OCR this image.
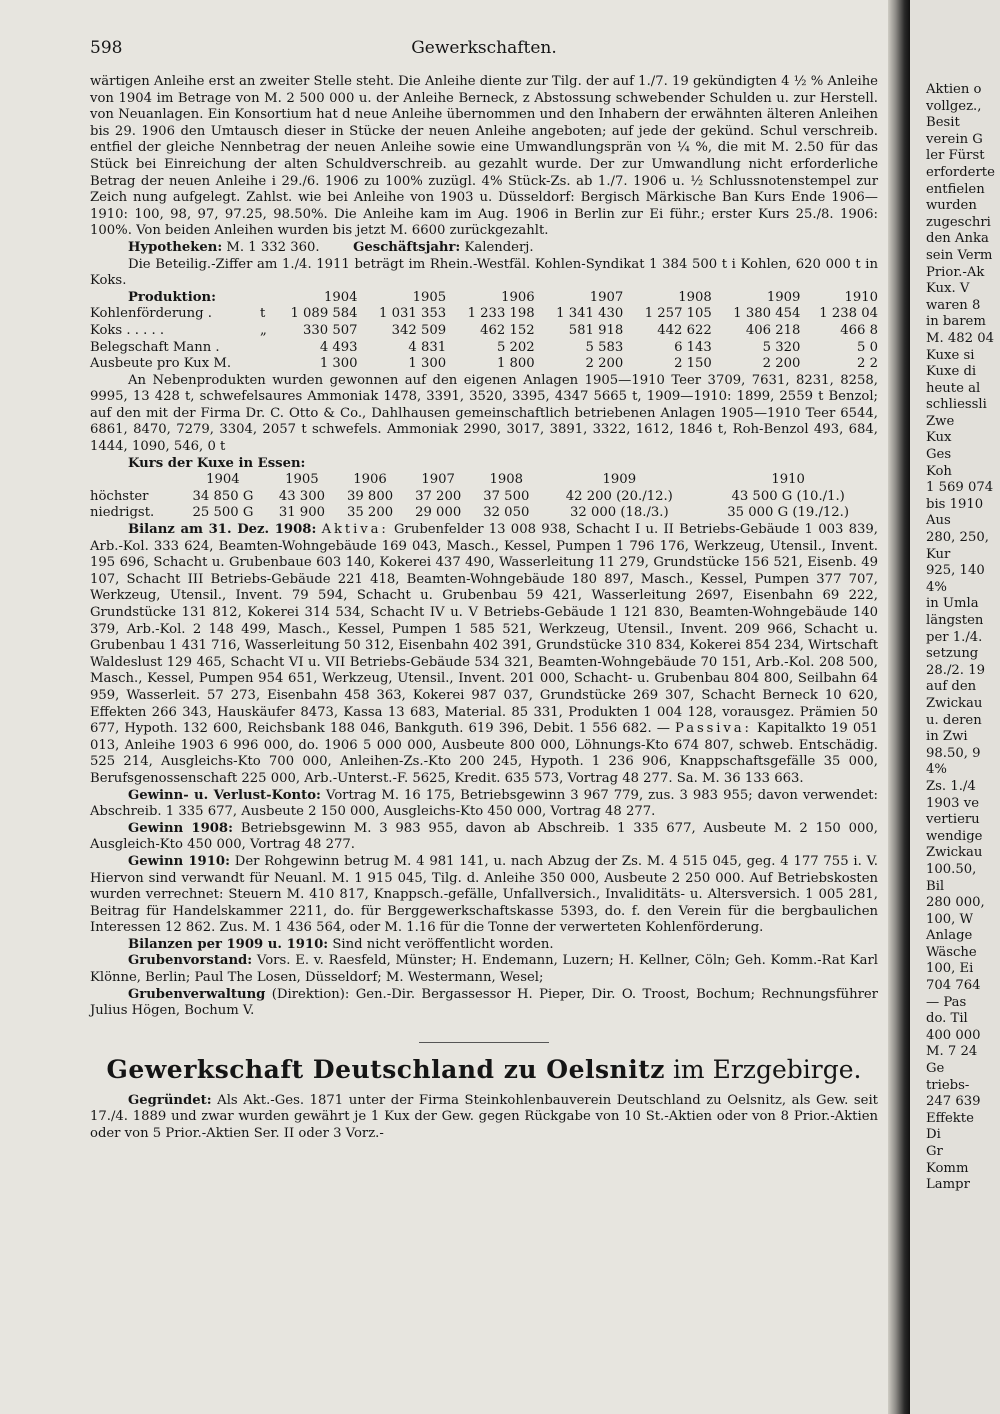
598	Gewerkschaften.

wärtigen Anleihe erst an zweiter Stelle steht. Die Anleihe diente zur Tilg. der auf 1./7. 19 gekündigten 4 ½ % Anleihe von 1904 im Betrage von M. 2 500 000 u. der Anleihe Berneck, z Abstossung schwebender Schulden u. zur Herstell. von Neuanlagen. Ein Konsortium hat d neue Anleihe übernommen und den Inhabern der erwähnten älteren Anleihen bis 29. 1906 den Umtausch dieser in Stücke der neuen Anleihe angeboten; auf jede der gekünd. Schul verschreib. entfiel der gleiche Nennbetrag der neuen Anleihe sowie eine Umwandlungsprän von ¼ %, die mit M. 2.50 für das Stück bei Einreichung der alten Schuldverschreib. au gezahlt wurde. Der zur Umwandlung nicht erforderliche Betrag der neuen Anleihe i 29./6. 1906 zu 100% zuzügl. 4% Stück-Zs. ab 1./7. 1906 u. ½ Schlussnotenstempel zur Zeich nung aufgelegt. Zahlst. wie bei Anleihe von 1903 u. Düsseldorf: Bergisch Märkische Ban Kurs Ende 1906—1910: 100, 98, 97, 97.25, 98.50%. Die Anleihe kam im Aug. 1906 in Berlin zur Ei führ.; erster Kurs 25./8. 1906: 100%. Von beiden Anleihen wurden bis jetzt M. 6600 zurückgezahlt.

Hypotheken: M. 1 332 360.	Geschäftsjahr: Kalenderj.

Die Beteilig.-Ziffer am 1./4. 1911 beträgt im Rhein.-Westfäl. Kohlen-Syndikat 1 384 500 t i Kohlen, 620 000 t in Koks.

Produktion:		1904	1905	1906	1907	1908	1909	1910
Kohlenförderung .	t	1 089 584	1 031 353	1 233 198	1 341 430	1 257 105	1 380 454	1 238 04
Koks . . . . .	„	330 507	342 509	462 152	581 918	442 622	406 218	466 8
Belegschaft Mann .		4 493	4 831	5 202	5 583	6 143	5 320	5 0
Ausbeute pro Kux M.		1 300	1 300	1 800	2 200	2 150	2 200	2 2

An Nebenprodukten wurden gewonnen auf den eigenen Anlagen 1905—1910 Teer 3709, 7631, 8231, 8258, 9995, 13 428 t, schwefelsaures Ammoniak 1478, 3391, 3520, 3395, 4347 5665 t, 1909—1910: 1899, 2559 t Benzol; auf den mit der Firma Dr. C. Otto & Co., Dahlhausen gemeinschaftlich betriebenen Anlagen 1905—1910 Teer 6544, 6861, 8470, 7279, 3304, 2057 t schwefels. Ammoniak 2990, 3017, 3891, 3322, 1612, 1846 t, Roh-Benzol 493, 684, 1444, 1090, 546, 0 t

Kurs der Kuxe in Essen:

	1904	1905	1906	1907	1908	1909	1910
höchster	34 850 G	43 300	39 800	37 200	37 500	42 200 (20./12.)	43 500 G (10./1.)
niedrigst.	25 500 G	31 900	35 200	29 000	32 050	32 000 (18./3.)	35 000 G (19./12.)

Bilanz am 31. Dez. 1908: Aktiva: Grubenfelder 13 008 938, Schacht I u. II Betriebs-Gebäude 1 003 839, Arb.-Kol. 333 624, Beamten-Wohngebäude 169 043, Masch., Kessel, Pumpen 1 796 176, Werkzeug, Utensil., Invent. 195 696, Schacht u. Grubenbaue 603 140, Kokerei 437 490, Wasserleitung 11 279, Grundstücke 156 521, Eisenb. 49 107, Schacht III Betriebs-Gebäude 221 418, Beamten-Wohngebäude 180 897, Masch., Kessel, Pumpen 377 707, Werkzeug, Utensil., Invent. 79 594, Schacht u. Grubenbau 59 421, Wasserleitung 2697, Eisenbahn 69 222, Grundstücke 131 812, Kokerei 314 534, Schacht IV u. V Betriebs-Gebäude 1 121 830, Beamten-Wohngebäude 140 379, Arb.-Kol. 2 148 499, Masch., Kessel, Pumpen 1 585 521, Werkzeug, Utensil., Invent. 209 966, Schacht u. Grubenbau 1 431 716, Wasserleitung 50 312, Eisenbahn 402 391, Grundstücke 310 834, Kokerei 854 234, Wirtschaft Waldeslust 129 465, Schacht VI u. VII Betriebs-Gebäude 534 321, Beamten-Wohngebäude 70 151, Arb.-Kol. 208 500, Masch., Kessel, Pumpen 954 651, Werkzeug, Utensil., Invent. 201 000, Schacht- u. Grubenbau 804 800, Seilbahn 64 959, Wasserleit. 57 273, Eisenbahn 458 363, Kokerei 987 037, Grundstücke 269 307, Schacht Berneck 10 620, Effekten 266 343, Hauskäufer 8473, Kassa 13 683, Material. 85 331, Produkten 1 004 128, vorausgez. Prämien 50 677, Hypoth. 132 600, Reichsbank 188 046, Bankguth. 619 396, Debit. 1 556 682. — Passiva: Kapitalkto 19 051 013, Anleihe 1903 6 996 000, do. 1906 5 000 000, Ausbeute 800 000, Löhnungs-Kto 674 807, schweb. Entschädig. 525 214, Ausgleichs-Kto 700 000, Anleihen-Zs.-Kto 200 245, Hypoth. 1 236 906, Knappschaftsgefälle 35 000, Berufsgenossenschaft 225 000, Arb.-Unterst.-F. 5625, Kredit. 635 573, Vortrag 48 277. Sa. M. 36 133 663.

Gewinn- u. Verlust-Konto: Vortrag M. 16 175, Betriebsgewinn 3 967 779, zus. 3 983 955; davon verwendet: Abschreib. 1 335 677, Ausbeute 2 150 000, Ausgleichs-Kto 450 000, Vortrag 48 277.

Gewinn 1908: Betriebsgewinn M. 3 983 955, davon ab Abschreib. 1 335 677, Ausbeute M. 2 150 000, Ausgleich-Kto 450 000, Vortrag 48 277.

Gewinn 1910: Der Rohgewinn betrug M. 4 981 141, u. nach Abzug der Zs. M. 4 515 045, geg. 4 177 755 i. V. Hiervon sind verwandt für Neuanl. M. 1 915 045, Tilg. d. Anleihe 350 000, Ausbeute 2 250 000. Auf Betriebskosten wurden verrechnet: Steuern M. 410 817, Knappsch.-gefälle, Unfallversich., Invaliditäts- u. Altersversich. 1 005 281, Beitrag für Handelskammer 2211, do. für Berggewerkschaftskasse 5393, do. f. den Verein für die bergbaulichen Interessen 12 862. Zus. M. 1 436 564, oder M. 1.16 für die Tonne der verwerteten Kohlenförderung.

Bilanzen per 1909 u. 1910: Sind nicht veröffentlicht worden.

Grubenvorstand: Vors. E. v. Raesfeld, Münster; H. Endemann, Luzern; H. Kellner, Cöln; Geh. Komm.-Rat Karl Klönne, Berlin; Paul The Losen, Düsseldorf; M. Westermann, Wesel;

Grubenverwaltung (Direktion): Gen.-Dir. Bergassessor H. Pieper, Dir. O. Troost, Bochum; Rechnungsführer Julius Högen, Bochum V.

Gewerkschaft Deutschland zu Oelsnitz im Erzgebirge.

Gegründet: Als Akt.-Ges. 1871 unter der Firma Steinkohlenbauverein Deutschland zu Oelsnitz, als Gew. seit 17./4. 1889 und zwar wurden gewährt je 1 Kux der Gew. gegen Rückgabe von 10 St.-Aktien oder von 8 Prior.-Aktien oder von 5 Prior.-Aktien Ser. II oder 3 Vorz.-

Aktien o
vollgez.,
Besit
verein G
ler Fürst
erforderte
entfielen
wurden
zugeschri
den Anka
sein Verm
Prior.-Ak
Kux. V
waren 8
in barem
M. 482 04
Kuxe si
Kuxe di
heute al
schliessli
Zwe
Kux
Ges
Koh
1 569 074
bis 1910
Aus
280, 250,
Kur
925, 140
4%
in Umla
längsten
per 1./4.
setzung
28./2. 19
auf den
Zwickau
u. deren
in Zwi
98.50, 9
4%
Zs. 1./4
1903 ve
vertieru
wendige
Zwickau
100.50,
Bil
280 000,
100, W
Anlage
Wäsche
100, Ei
704 764
— Pas
do. Til
400 000
M. 7 24
Ge
triebs-
247 639
Effekte
Di
Gr
Komm
Lampr
